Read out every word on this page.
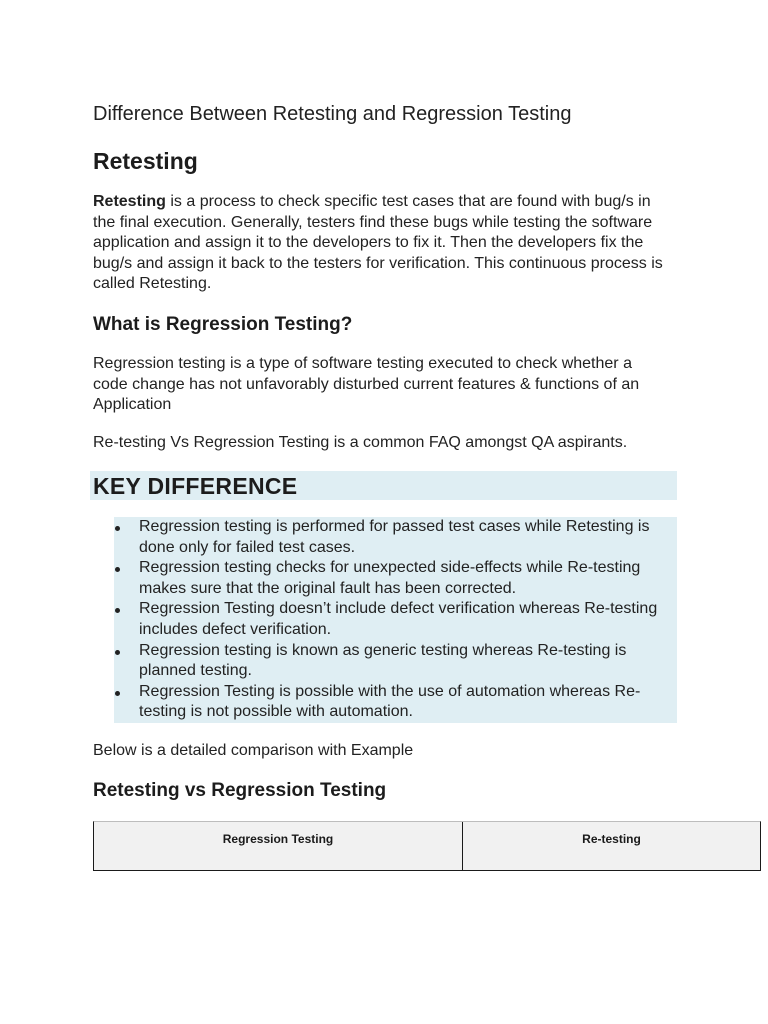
Difference Between Retesting and Regression Testing
Retesting
Retesting is a process to check specific test cases that are found with bug/s in the final execution. Generally, testers find these bugs while testing the software application and assign it to the developers to fix it. Then the developers fix the bug/s and assign it back to the testers for verification. This continuous process is called Retesting.
What is Regression Testing?
Regression testing is a type of software testing executed to check whether a code change has not unfavorably disturbed current features & functions of an Application
Re-testing Vs Regression Testing is a common FAQ amongst QA aspirants.
KEY DIFFERENCE
Regression testing is performed for passed test cases while Retesting is done only for failed test cases.
Regression testing checks for unexpected side-effects while Re-testing makes sure that the original fault has been corrected.
Regression Testing doesn’t include defect verification whereas Re-testing includes defect verification.
Regression testing is known as generic testing whereas Re-testing is planned testing.
Regression Testing is possible with the use of automation whereas Re-testing is not possible with automation.
Below is a detailed comparison with Example
Retesting vs Regression Testing
Regression Testing	Re-testing
